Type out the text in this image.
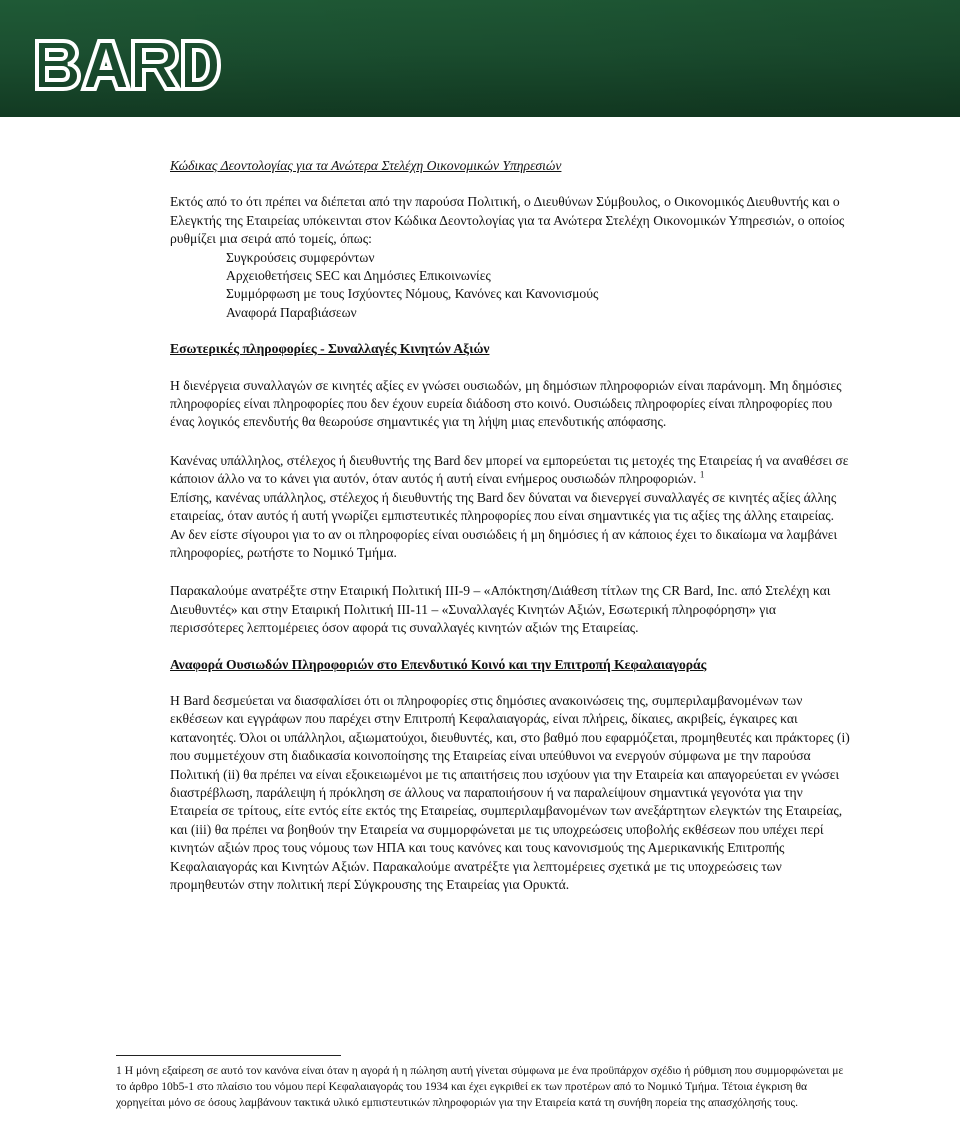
BARD

Κώδικας Δεοντολογίας για τα Ανώτερα Στελέχη Οικονομικών Υπηρεσιών

Εκτός από το ότι πρέπει να διέπεται από την παρούσα Πολιτική, ο Διευθύνων Σύμβουλος, ο Οικονομικός Διευθυντής και ο Ελεγκτής της Εταιρείας υπόκεινται στον Κώδικα Δεοντολογίας για τα Ανώτερα Στελέχη Οικονομικών Υπηρεσιών, ο οποίος ρυθμίζει μια σειρά από τομείς, όπως:

Συγκρούσεις συμφερόντων
Αρχειοθετήσεις SEC και Δημόσιες Επικοινωνίες
Συμμόρφωση με τους Ισχύοντες Νόμους, Κανόνες και Κανονισμούς
Αναφορά Παραβιάσεων

Εσωτερικές πληροφορίες - Συναλλαγές Κινητών Αξιών

Η διενέργεια συναλλαγών σε κινητές αξίες εν γνώσει ουσιωδών, μη δημόσιων πληροφοριών είναι παράνομη. Μη δημόσιες πληροφορίες είναι πληροφορίες που δεν έχουν ευρεία διάδοση στο κοινό. Ουσιώδεις πληροφορίες είναι πληροφορίες που ένας λογικός επενδυτής θα θεωρούσε σημαντικές για τη λήψη μιας επενδυτικής απόφασης.

Κανένας υπάλληλος, στέλεχος ή διευθυντής της Bard δεν μπορεί να εμπορεύεται τις μετοχές της Εταιρείας ή να αναθέσει σε κάποιον άλλο να το κάνει για αυτόν, όταν αυτός ή αυτή είναι ενήμερος ουσιωδών πληροφοριών. $^1$

Επίσης, κανένας υπάλληλος, στέλεχος ή διευθυντής της Bard δεν δύναται να διενεργεί συναλλαγές σε κινητές αξίες άλλης εταιρείας, όταν αυτός ή αυτή γνωρίζει εμπιστευτικές πληροφορίες που είναι σημαντικές για τις αξίες της άλλης εταιρείας. Αν δεν είστε σίγουροι για το αν οι πληροφορίες είναι ουσιώδεις ή μη δημόσιες ή αν κάποιος έχει το δικαίωμα να λαμβάνει πληροφορίες, ρωτήστε το Νομικό Τμήμα.

Παρακαλούμε ανατρέξτε στην Εταιρική Πολιτική ΙΙΙ-9 – «Απόκτηση/Διάθεση τίτλων της CR Bard, Inc. από Στελέχη και Διευθυντές» και στην Εταιρική Πολιτική ΙΙΙ-11 – «Συναλλαγές Κινητών Αξιών, Εσωτερική πληροφόρηση» για περισσότερες λεπτομέρειες όσον αφορά τις συναλλαγές κινητών αξιών της Εταιρείας.

Αναφορά Ουσιωδών Πληροφοριών στο Επενδυτικό Κοινό και την Επιτροπή Κεφαλαιαγοράς

Η Bard δεσμεύεται να διασφαλίσει ότι οι πληροφορίες στις δημόσιες ανακοινώσεις της, συμπεριλαμβανομένων των εκθέσεων και εγγράφων που παρέχει στην Επιτροπή Κεφαλαιαγοράς, είναι πλήρεις, δίκαιες, ακριβείς, έγκαιρες και κατανοητές. Όλοι οι υπάλληλοι, αξιωματούχοι, διευθυντές, και, στο βαθμό που εφαρμόζεται, προμηθευτές και πράκτορες (i) που συμμετέχουν στη διαδικασία κοινοποίησης της Εταιρείας είναι υπεύθυνοι να ενεργούν σύμφωνα με την παρούσα Πολιτική (ii) θα πρέπει να είναι εξοικειωμένοι με τις απαιτήσεις που ισχύουν για την Εταιρεία και απαγορεύεται εν γνώσει διαστρέβλωση, παράλειψη ή πρόκληση σε άλλους να παραποιήσουν ή να παραλείψουν σημαντικά γεγονότα για την Εταιρεία σε τρίτους, είτε εντός είτε εκτός της Εταιρείας, συμπεριλαμβανομένων των ανεξάρτητων ελεγκτών της Εταιρείας, και (iii) θα πρέπει να βοηθούν την Εταιρεία να συμμορφώνεται με τις υποχρεώσεις υποβολής εκθέσεων που υπέχει περί κινητών αξιών προς τους νόμους των ΗΠΑ και τους κανόνες και τους κανονισμούς της Αμερικανικής Επιτροπής Κεφαλαιαγοράς και Κινητών Αξιών. Παρακαλούμε ανατρέξτε για λεπτομέρειες σχετικά με τις υποχρεώσεις των προμηθευτών στην πολιτική περί Σύγκρουσης της Εταιρείας για Ορυκτά.

1 Η μόνη εξαίρεση σε αυτό τον κανόνα είναι όταν η αγορά ή η πώληση αυτή γίνεται σύμφωνα με ένα προϋπάρχον σχέδιο ή ρύθμιση που συμμορφώνεται με το άρθρο 10b5-1 στο πλαίσιο του νόμου περί Κεφαλαιαγοράς του 1934 και έχει εγκριθεί εκ των προτέρων από το Νομικό Τμήμα. Τέτοια έγκριση θα χορηγείται μόνο σε όσους λαμβάνουν τακτικά υλικό εμπιστευτικών πληροφοριών για την Εταιρεία κατά τη συνήθη πορεία της απασχόλησής τους.
